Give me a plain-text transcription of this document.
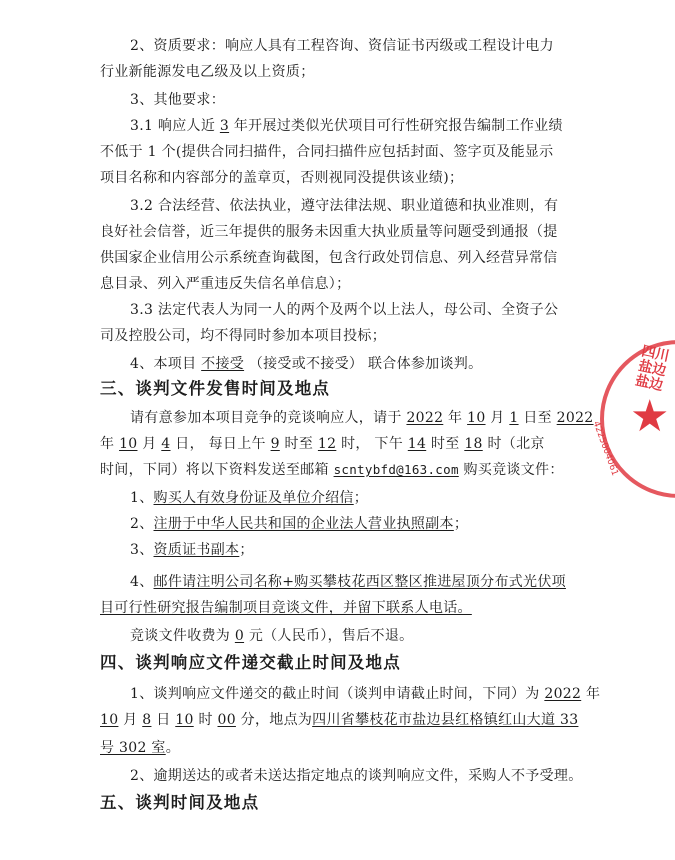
2、资质要求：响应人具有工程咨询、资信证书丙级或工程设计电力
行业新能源发电乙级及以上资质；
3、其他要求：
3.1 响应人近 3 年开展过类似光伏项目可行性研究报告编制工作业绩
不低于 1 个(提供合同扫描件，合同扫描件应包括封面、签字页及能显示
项目名称和内容部分的盖章页，否则视同没提供该业绩)；
3.2 合法经营、依法执业，遵守法律法规、职业道德和执业准则，有
良好社会信誉，近三年提供的服务未因重大执业质量等问题受到通报（提
供国家企业信用公示系统查询截图，包含行政处罚信息、列入经营异常信
息目录、列入严重违反失信名单信息）；
3.3 法定代表人为同一人的两个及两个以上法人，母公司、全资子公
司及控股公司，均不得同时参加本项目投标；
4、本项目 不接受 （接受或不接受） 联合体参加谈判。
三、谈判文件发售时间及地点
请有意参加本项目竞争的竞谈响应人，请于 2022 年 10 月 1 日至 2022
年 10 月 4 日， 每日上午 9 时至 12 时， 下午 14 时至 18 时（北京
时间，下同）将以下资料发送至邮箱 scntybfd@163.com 购买竞谈文件：
1、购买人有效身份证及单位介绍信；
2、注册于中华人民共和国的企业法人营业执照副本；
3、资质证书副本；
4、邮件请注明公司名称+购买攀枝花西区整区推进屋顶分布式光伏项
目可行性研究报告编制项目竞谈文件，并留下联系人电话。
竞谈文件收费为 0 元（人民币），售后不退。
四、谈判响应文件递交截止时间及地点
1、谈判响应文件递交的截止时间（谈判申请截止时间，下同）为 2022 年
10 月 8 日 10 时 00 分，地点为四川省攀枝花市盐边县红格镇红山大道 33
号 302 室。
2、逾期送达的或者未送达指定地点的谈判响应文件，采购人不予受理。
五、谈判时间及地点
四川盐边盐边
★
4225004061
